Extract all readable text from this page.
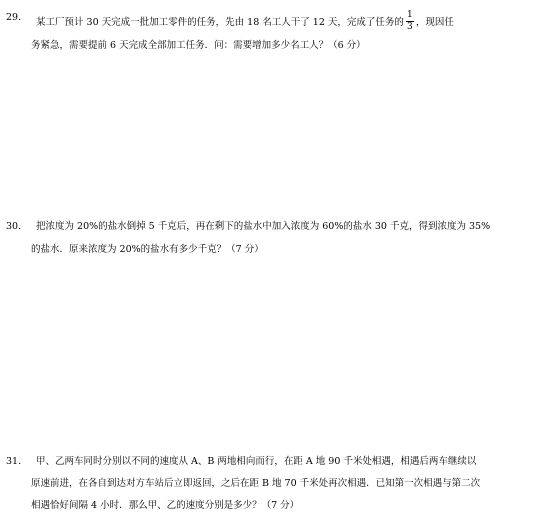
29. 某工厂预计 30 天完成一批加工零件的任务，先由 18 名工人干了 12 天，完成了任务的 $\frac{1}{3}$ ，现因任
务紧急，需要提前 6 天完成全部加工任务．问：需要增加多少名工人？（6 分）
30. 把浓度为 20%的盐水倒掉 5 千克后，再在剩下的盐水中加入浓度为 60%的盐水 30 千克，得到浓度为 35%
的盐水．原来浓度为 20%的盐水有多少千克？（7 分）
31. 甲、乙两车同时分别以不同的速度从 A、B 两地相向而行，在距 A 地 90 千米处相遇，相遇后两车继续以
原速前进，在各自到达对方车站后立即返回，之后在距 B 地 70 千米处再次相遇．已知第一次相遇与第二次
相遇恰好间隔 4 小时．那么甲、乙的速度分别是多少？（7 分）
